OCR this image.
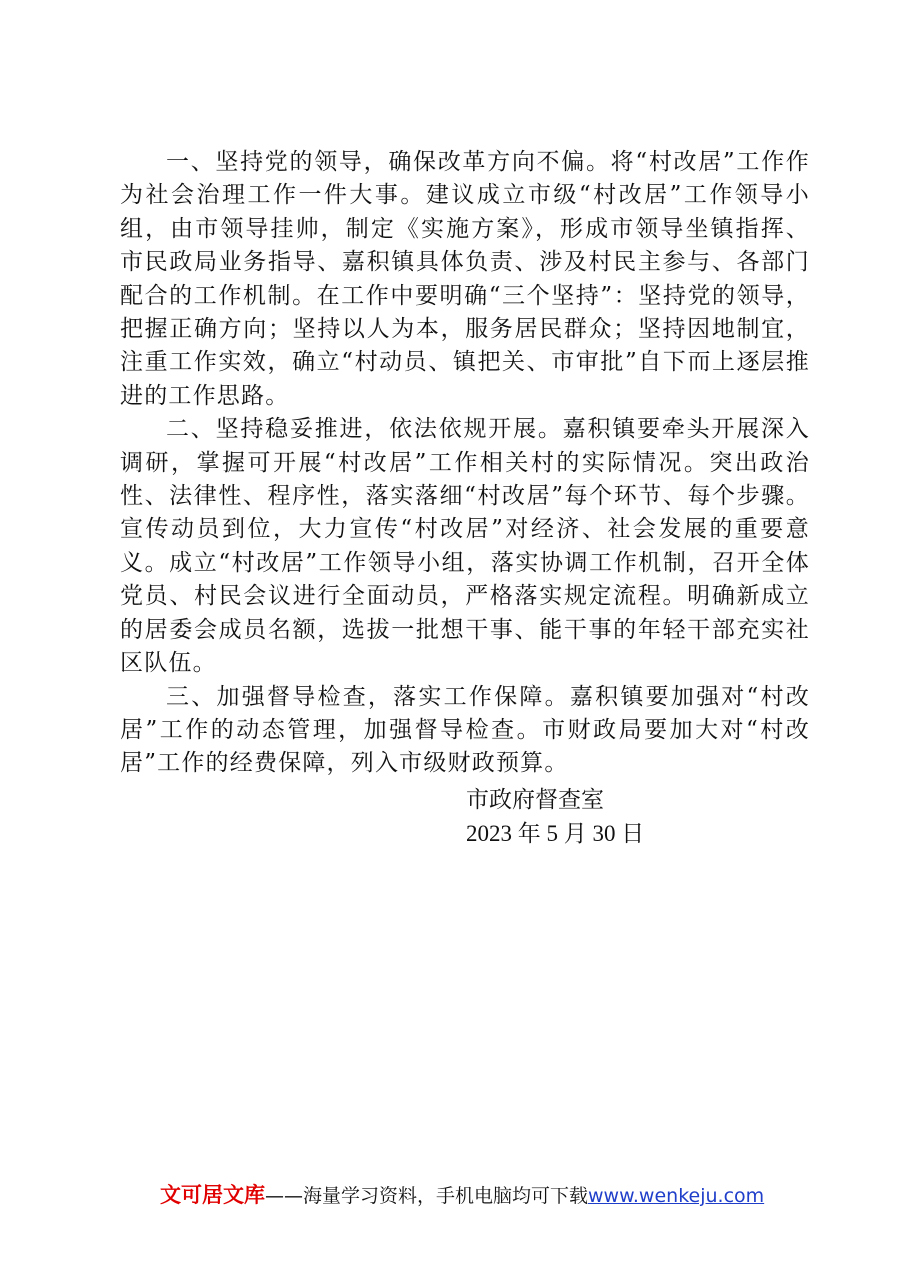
一、坚持党的领导，确保改革方向不偏。将“村改居”工作作为社会治理工作一件大事。建议成立市级“村改居”工作领导小组，由市领导挂帅，制定《实施方案》，形成市领导坐镇指挥、市民政局业务指导、嘉积镇具体负责、涉及村民主参与、各部门配合的工作机制。在工作中要明确“三个坚持”：坚持党的领导，把握正确方向；坚持以人为本，服务居民群众；坚持因地制宜，注重工作实效，确立“村动员、镇把关、市审批”自下而上逐层推进的工作思路。

二、坚持稳妥推进，依法依规开展。嘉积镇要牵头开展深入调研，掌握可开展“村改居”工作相关村的实际情况。突出政治性、法律性、程序性，落实落细“村改居”每个环节、每个步骤。宣传动员到位，大力宣传“村改居”对经济、社会发展的重要意义。成立“村改居”工作领导小组，落实协调工作机制，召开全体党员、村民会议进行全面动员，严格落实规定流程。明确新成立的居委会成员名额，选拔一批想干事、能干事的年轻干部充实社区队伍。

三、加强督导检查，落实工作保障。嘉积镇要加强对“村改居”工作的动态管理，加强督导检查。市财政局要加大对“村改居”工作的经费保障，列入市级财政预算。

市政府督查室
2023 年 5 月 30 日
文可居文库——海量学习资料，手机电脑均可下载www.wenkeju.com
